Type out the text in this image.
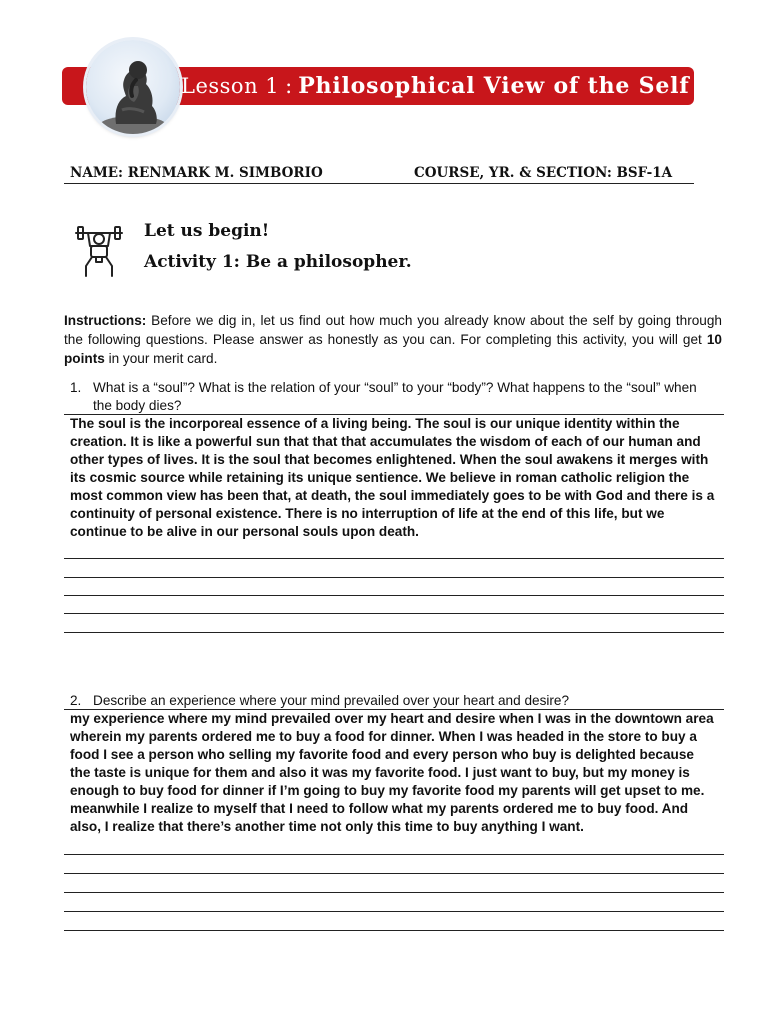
Lesson 1 : Philosophical View of the Self
NAME: RENMARK M. SIMBORIO	COURSE, YR. & SECTION: BSF-1A
Let us begin!
Activity 1: Be a philosopher.
Instructions: Before we dig in, let us find out how much you already know about the self by going through the following questions. Please answer as honestly as you can. For completing this activity, you will get 10 points in your merit card.
1. What is a “soul”? What is the relation of your “soul” to your “body”? What happens to the “soul” when the body dies?
The soul is the incorporeal essence of a living being. The soul is our unique identity within the creation. It is like a powerful sun that that that accumulates the wisdom of each of our human and other types of lives. It is the soul that becomes enlightened. When the soul awakens it merges with its cosmic source while retaining its unique sentience. We believe in roman catholic religion the most common view has been that, at death, the soul immediately goes to be with God and there is a continuity of personal existence. There is no interruption of life at the end of this life, but we continue to be alive in our personal souls upon death.
2. Describe an experience where your mind prevailed over your heart and desire?
my experience where my mind prevailed over my heart and desire when I was in the downtown area wherein my parents ordered me to buy a food for dinner. When I was headed in the store to buy a food I see a person who selling my favorite food and every person who buy is delighted because the taste is unique for them and also it was my favorite food. I just want to buy, but my money is enough to buy food for dinner if I’m going to buy my favorite food my parents will get upset to me. meanwhile I realize to myself that I need to follow what my parents ordered me to buy food. And also, I realize that there’s another time not only this time to buy anything I want.
